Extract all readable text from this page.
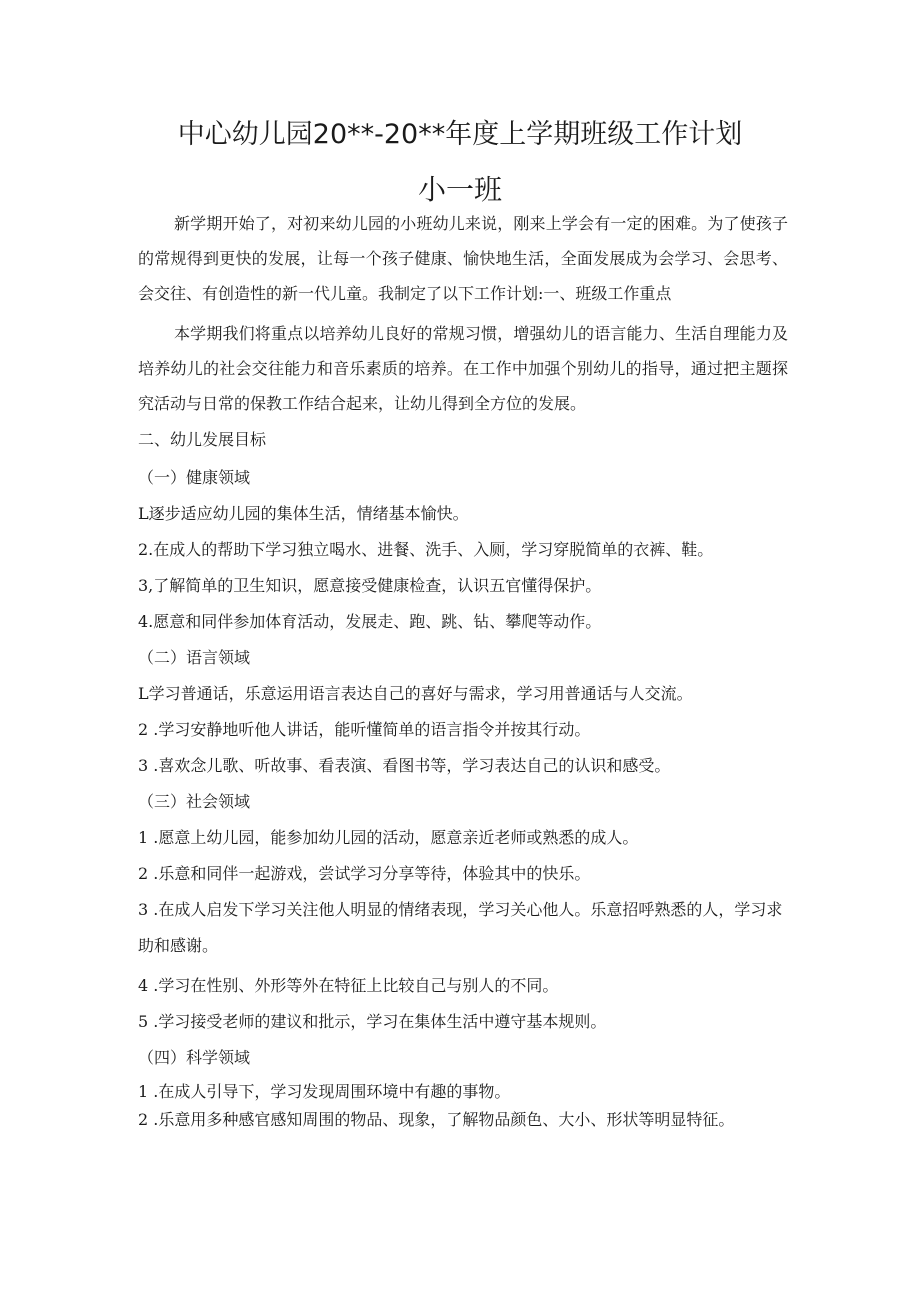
中心幼儿园20**-20**年度上学期班级工作计划
小一班

新学期开始了，对初来幼儿园的小班幼儿来说，刚来上学会有一定的困难。为了使孩子的常规得到更快的发展，让每一个孩子健康、愉快地生活，全面发展成为会学习、会思考、会交往、有创造性的新一代儿童。我制定了以下工作计划:一、班级工作重点

本学期我们将重点以培养幼儿良好的常规习惯，增强幼儿的语言能力、生活自理能力及培养幼儿的社会交往能力和音乐素质的培养。在工作中加强个别幼儿的指导，通过把主题探究活动与日常的保教工作结合起来，让幼儿得到全方位的发展。

二、幼儿发展目标
（一）健康领域
L逐步适应幼儿园的集体生活，情绪基本愉快。
2.在成人的帮助下学习独立喝水、进餐、洗手、入厕，学习穿脱简单的衣裤、鞋。
3,了解简单的卫生知识，愿意接受健康检查，认识五官懂得保护。
4.愿意和同伴参加体育活动，发展走、跑、跳、钻、攀爬等动作。
（二）语言领域
L学习普通话，乐意运用语言表达自己的喜好与需求，学习用普通话与人交流。
2 .学习安静地听他人讲话，能听懂简单的语言指令并按其行动。
3 .喜欢念儿歌、听故事、看表演、看图书等，学习表达自己的认识和感受。
（三）社会领域
1 .愿意上幼儿园，能参加幼儿园的活动，愿意亲近老师或熟悉的成人。
2 .乐意和同伴一起游戏，尝试学习分享等待，体验其中的快乐。
3 .在成人启发下学习关注他人明显的情绪表现，学习关心他人。乐意招呼熟悉的人，学习求助和感谢。
4 .学习在性别、外形等外在特征上比较自己与别人的不同。
5 .学习接受老师的建议和批示，学习在集体生活中遵守基本规则。
（四）科学领域
1 .在成人引导下，学习发现周围环境中有趣的事物。
2 .乐意用多种感官感知周围的物品、现象，了解物品颜色、大小、形状等明显特征。
